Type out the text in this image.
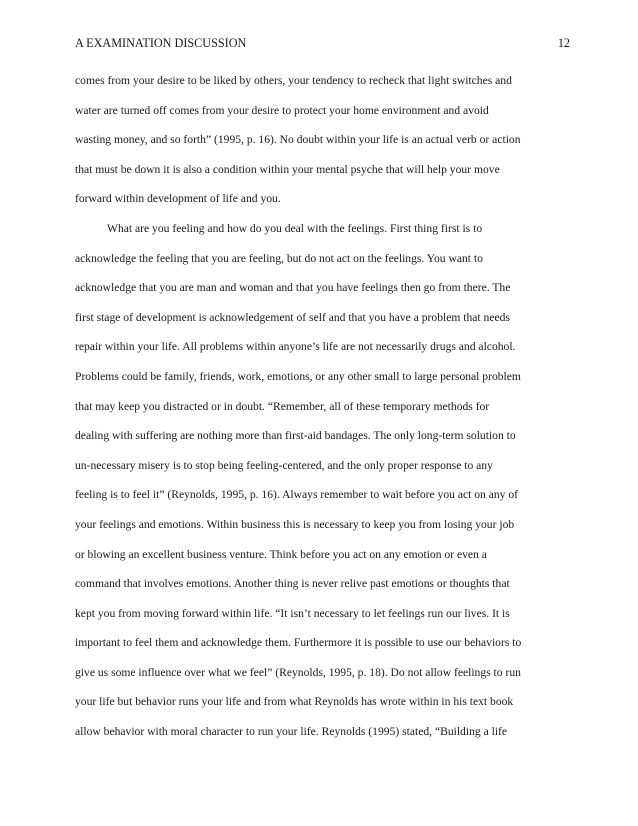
A EXAMINATION DISCUSSION	12
comes from your desire to be liked by others, your tendency to recheck that light switches and
water are turned off comes from your desire to protect your home environment and avoid
wasting money, and so forth” (1995, p. 16). No doubt within your life is an actual verb or action
that must be down it is also a condition within your mental psyche that will help your move
forward within development of life and you.
What are you feeling and how do you deal with the feelings. First thing first is to
acknowledge the feeling that you are feeling, but do not act on the feelings. You want to
acknowledge that you are man and woman and that you have feelings then go from there. The
first stage of development is acknowledgement of self and that you have a problem that needs
repair within your life. All problems within anyone’s life are not necessarily drugs and alcohol.
Problems could be family, friends, work, emotions, or any other small to large personal problem
that may keep you distracted or in doubt. “Remember, all of these temporary methods for
dealing with suffering are nothing more than first-aid bandages. The only long-term solution to
un-necessary misery is to stop being feeling-centered, and the only proper response to any
feeling is to feel it” (Reynolds, 1995, p. 16). Always remember to wait before you act on any of
your feelings and emotions. Within business this is necessary to keep you from losing your job
or blowing an excellent business venture. Think before you act on any emotion or even a
command that involves emotions. Another thing is never relive past emotions or thoughts that
kept you from moving forward within life. “It isn’t necessary to let feelings run our lives. It is
important to feel them and acknowledge them. Furthermore it is possible to use our behaviors to
give us some influence over what we feel” (Reynolds, 1995, p. 18). Do not allow feelings to run
your life but behavior runs your life and from what Reynolds has wrote within in his text book
allow behavior with moral character to run your life. Reynolds (1995) stated, “Building a life
